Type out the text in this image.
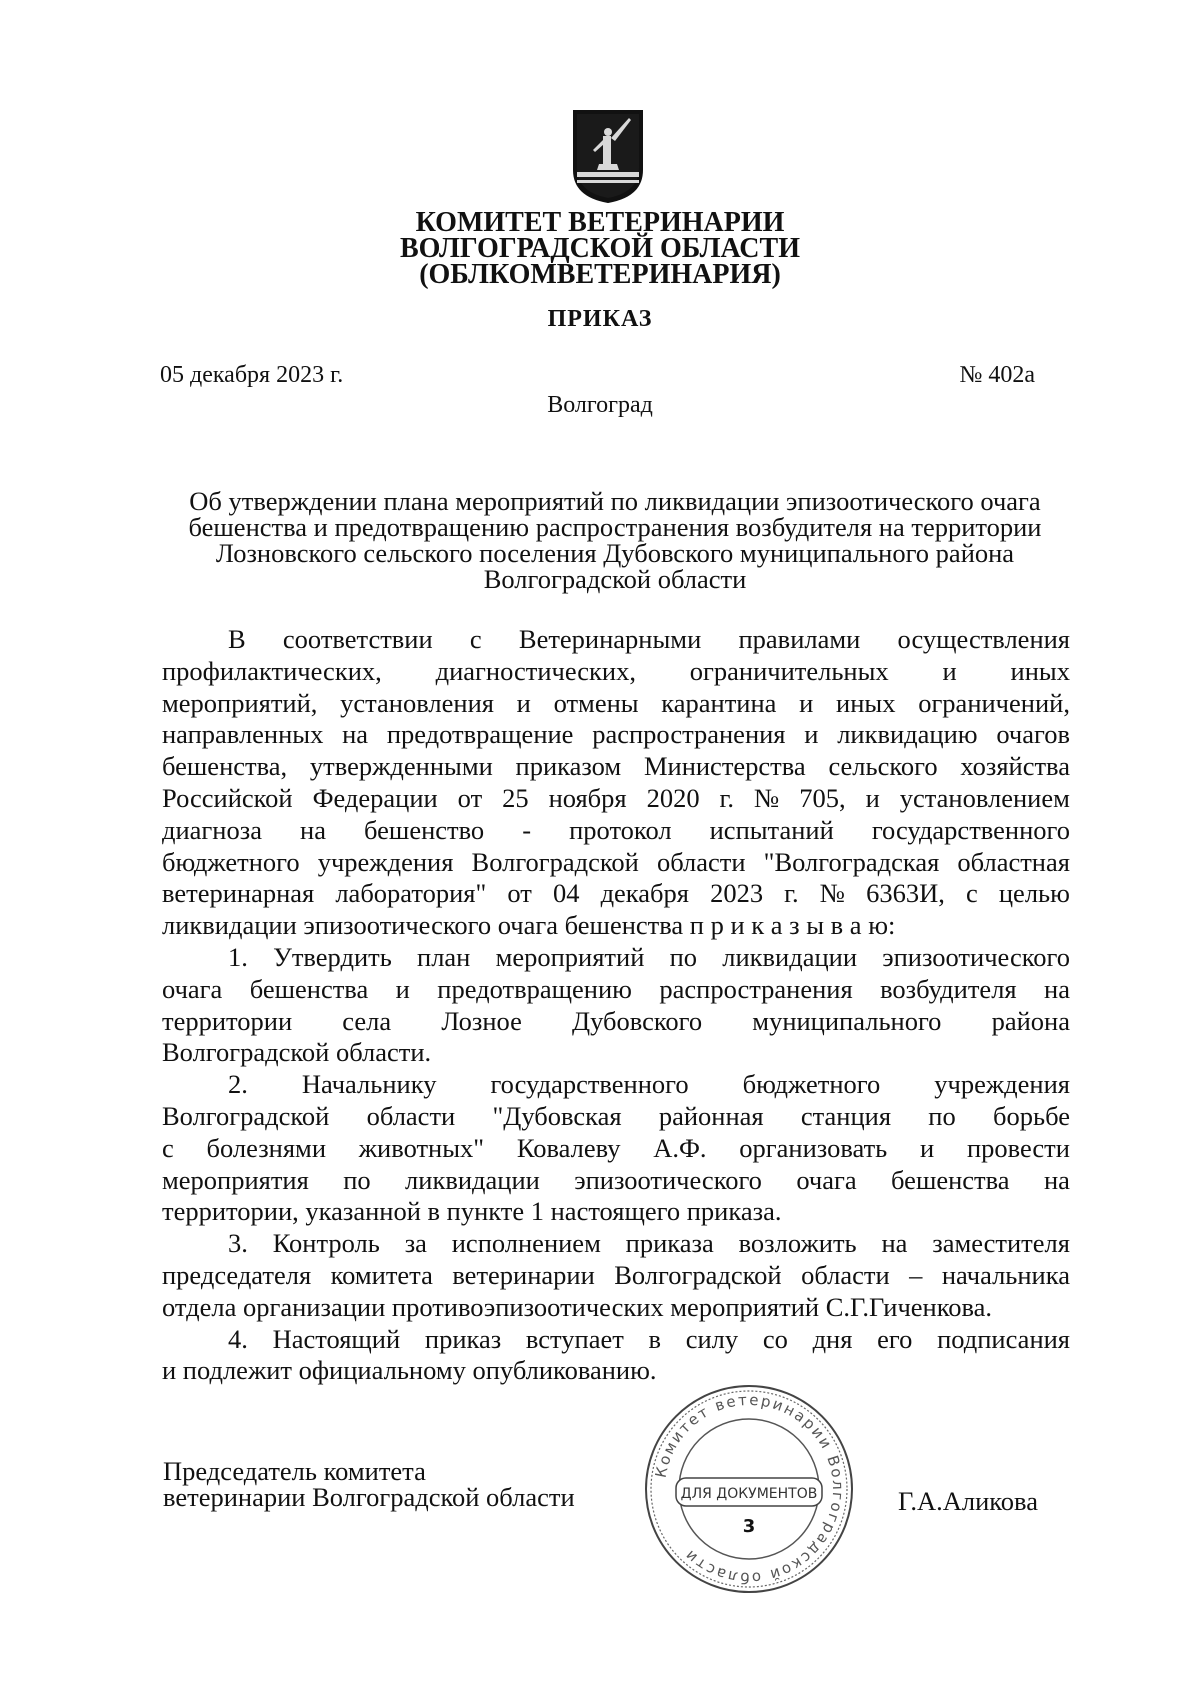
КОМИТЕТ ВЕТЕРИНАРИИ
ВОЛГОГРАДСКОЙ ОБЛАСТИ
(ОБЛКОМВЕТЕРИНАРИЯ)
ПРИКАЗ
05 декабря 2023 г.	№ 402а
Волгоград
Об утверждении плана мероприятий по ликвидации эпизоотического очага
бешенства и предотвращению распространения возбудителя на территории
Лозновского сельского поселения Дубовского муниципального района
Волгоградской области
В соответствии с Ветеринарными правилами осуществления
профилактических, диагностических, ограничительных и иных
мероприятий, установления и отмены карантина и иных ограничений,
направленных на предотвращение распространения и ликвидацию очагов
бешенства, утвержденными приказом Министерства сельского хозяйства
Российской Федерации от 25 ноября 2020 г. № 705, и установлением
диагноза на бешенство - протокол испытаний государственного
бюджетного учреждения Волгоградской области "Волгоградская областная
ветеринарная лаборатория" от 04 декабря 2023 г. № 6363И, с целью
ликвидации эпизоотического очага бешенства п р и к а з ы в а ю:
1. Утвердить план мероприятий по ликвидации эпизоотического
очага бешенства и предотвращению распространения возбудителя на
территории села Лозное Дубовского муниципального района
Волгоградской области.
2. Начальнику государственного бюджетного учреждения
Волгоградской области "Дубовская районная станция по борьбе
с болезнями животных" Ковалеву А.Ф. организовать и провести
мероприятия по ликвидации эпизоотического очага бешенства на
территории, указанной в пункте 1 настоящего приказа.
3. Контроль за исполнением приказа возложить на заместителя
председателя комитета ветеринарии Волгоградской области – начальника
отдела организации противоэпизоотических мероприятий С.Г.Гиченкова.
4. Настоящий приказ вступает в силу со дня его подписания
и подлежит официальному опубликованию.
Председатель комитета
ветеринарии Волгоградской области
Комитет ветеринарии Волгоградской области
ДЛЯ ДОКУМЕНТОВ
3
Г.А.Аликова
